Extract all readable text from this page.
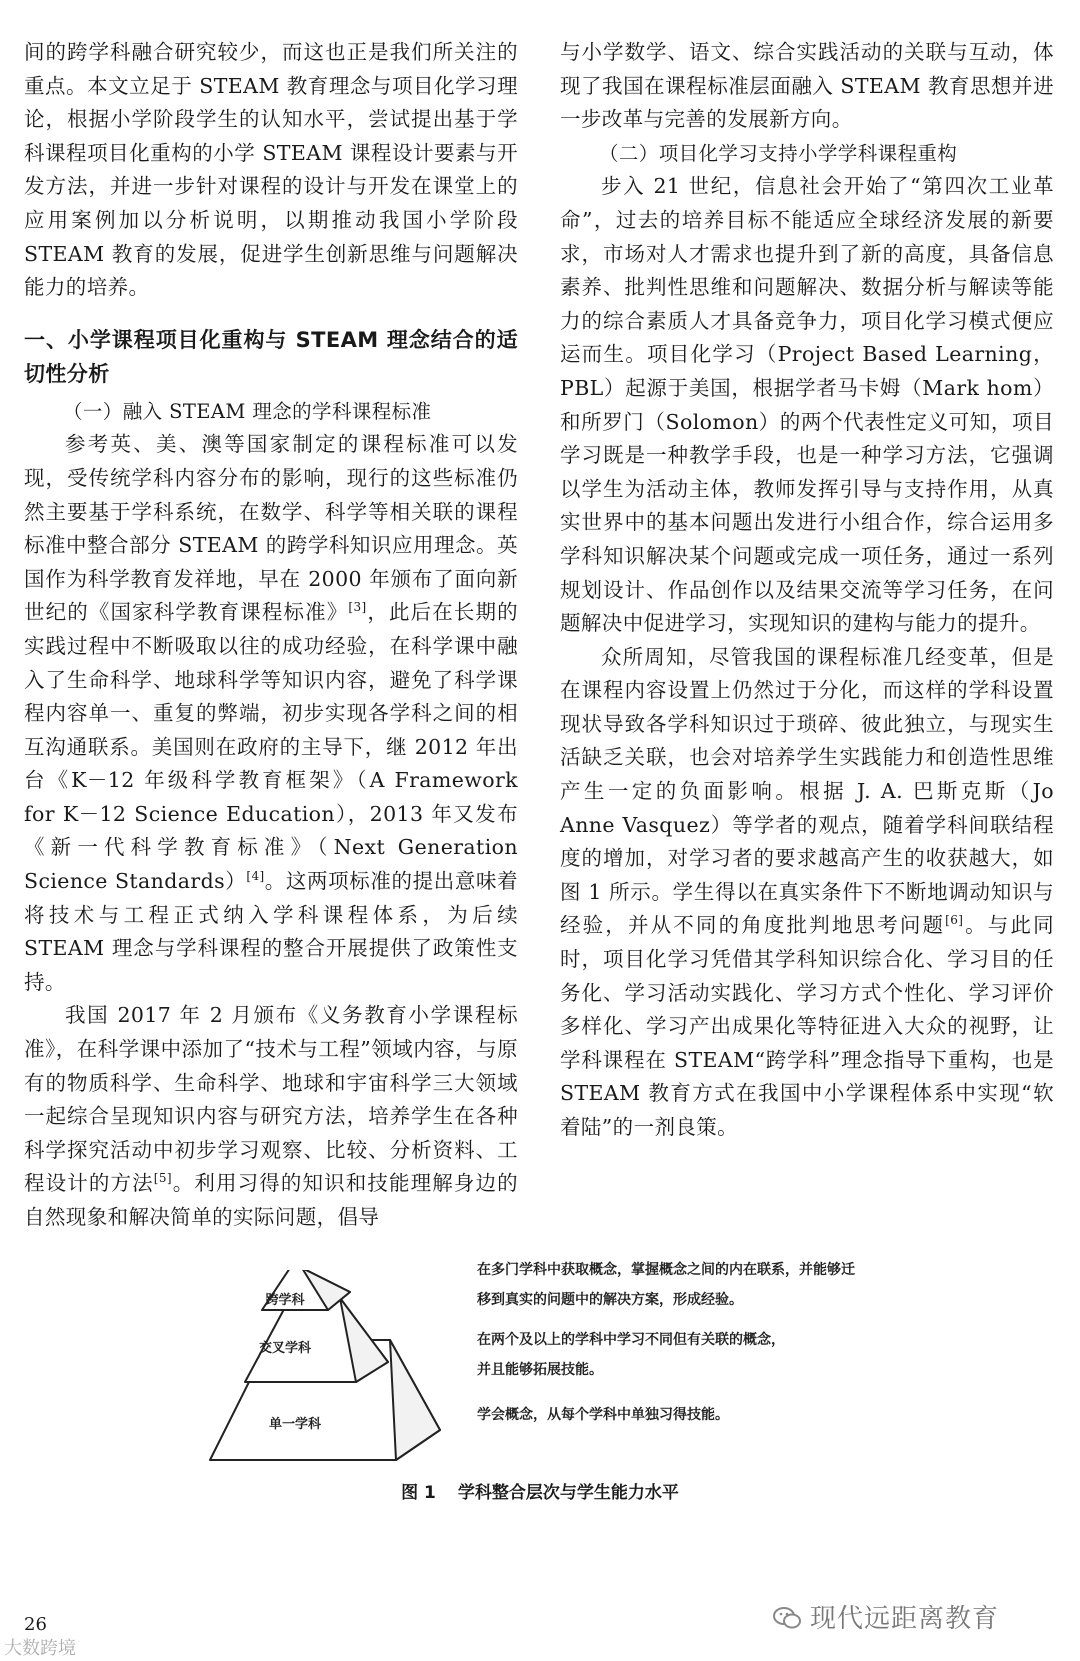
间的跨学科融合研究较少，而这也正是我们所关注的重点。本文立足于 STEAM 教育理念与项目化学习理论，根据小学阶段学生的认知水平，尝试提出基于学科课程项目化重构的小学 STEAM 课程设计要素与开发方法，并进一步针对课程的设计与开发在课堂上的应用案例加以分析说明，以期推动我国小学阶段 STEAM 教育的发展，促进学生创新思维与问题解决能力的培养。

一、小学课程项目化重构与 STEAM 理念结合的适切性分析

（一）融入 STEAM 理念的学科课程标准

参考英、美、澳等国家制定的课程标准可以发现，受传统学科内容分布的影响，现行的这些标准仍然主要基于学科系统，在数学、科学等相关联的课程标准中整合部分 STEAM 的跨学科知识应用理念。英国作为科学教育发祥地，早在 2000 年颁布了面向新世纪的《国家科学教育课程标准》[3]，此后在长期的实践过程中不断吸取以往的成功经验，在科学课中融入了生命科学、地球科学等知识内容，避免了科学课程内容单一、重复的弊端，初步实现各学科之间的相互沟通联系。美国则在政府的主导下，继 2012 年出台《K－12 年级科学教育框架》（A Framework for K－12 Science Education），2013 年又发布《新一代科学教育标准》（Next Generation Science Standards）[4]。这两项标准的提出意味着将技术与工程正式纳入学科课程体系，为后续 STEAM 理念与学科课程的整合开展提供了政策性支持。

我国 2017 年 2 月颁布《义务教育小学课程标准》，在科学课中添加了“技术与工程”领域内容，与原有的物质科学、生命科学、地球和宇宙科学三大领域一起综合呈现知识内容与研究方法，培养学生在各种科学探究活动中初步学习观察、比较、分析资料、工程设计的方法[5]。利用习得的知识和技能理解身边的自然现象和解决简单的实际问题，倡导

与小学数学、语文、综合实践活动的关联与互动，体现了我国在课程标准层面融入 STEAM 教育思想并进一步改革与完善的发展新方向。

（二）项目化学习支持小学学科课程重构

步入 21 世纪，信息社会开始了“第四次工业革命”，过去的培养目标不能适应全球经济发展的新要求，市场对人才需求也提升到了新的高度，具备信息素养、批判性思维和问题解决、数据分析与解读等能力的综合素质人才具备竞争力，项目化学习模式便应运而生。项目化学习（Project Based Learning，PBL）起源于美国，根据学者马卡姆（Mark hom）和所罗门（Solomon）的两个代表性定义可知，项目学习既是一种教学手段，也是一种学习方法，它强调以学生为活动主体，教师发挥引导与支持作用，从真实世界中的基本问题出发进行小组合作，综合运用多学科知识解决某个问题或完成一项任务，通过一系列规划设计、作品创作以及结果交流等学习任务，在问题解决中促进学习，实现知识的建构与能力的提升。

众所周知，尽管我国的课程标准几经变革，但是在课程内容设置上仍然过于分化，而这样的学科设置现状导致各学科知识过于琐碎、彼此独立，与现实生活缺乏关联，也会对培养学生实践能力和创造性思维产生一定的负面影响。根据 J. A. 巴斯克斯（Jo Anne Vasquez）等学者的观点，随着学科间联结程度的增加，对学习者的要求越高产生的收获越大，如图 1 所示。学生得以在真实条件下不断地调动知识与经验，并从不同的角度批判地思考问题[6]。与此同时，项目化学习凭借其学科知识综合化、学习目的任务化、学习活动实践化、学习方式个性化、学习评价多样化、学习产出成果化等特征进入大众的视野，让学科课程在 STEAM“跨学科”理念指导下重构，也是 STEAM 教育方式在我国中小学课程体系中实现“软着陆”的一剂良策。

跨学科
交叉学科
单一学科
在多门学科中获取概念，掌握概念之间的内在联系，并能够迁
移到真实的问题中的解决方案，形成经验。
在两个及以上的学科中学习不同但有关联的概念，
并且能够拓展技能。
学会概念，从每个学科中单独习得技能。
图 1 学科整合层次与学生能力水平
26
大数跨境
现代远距离教育
